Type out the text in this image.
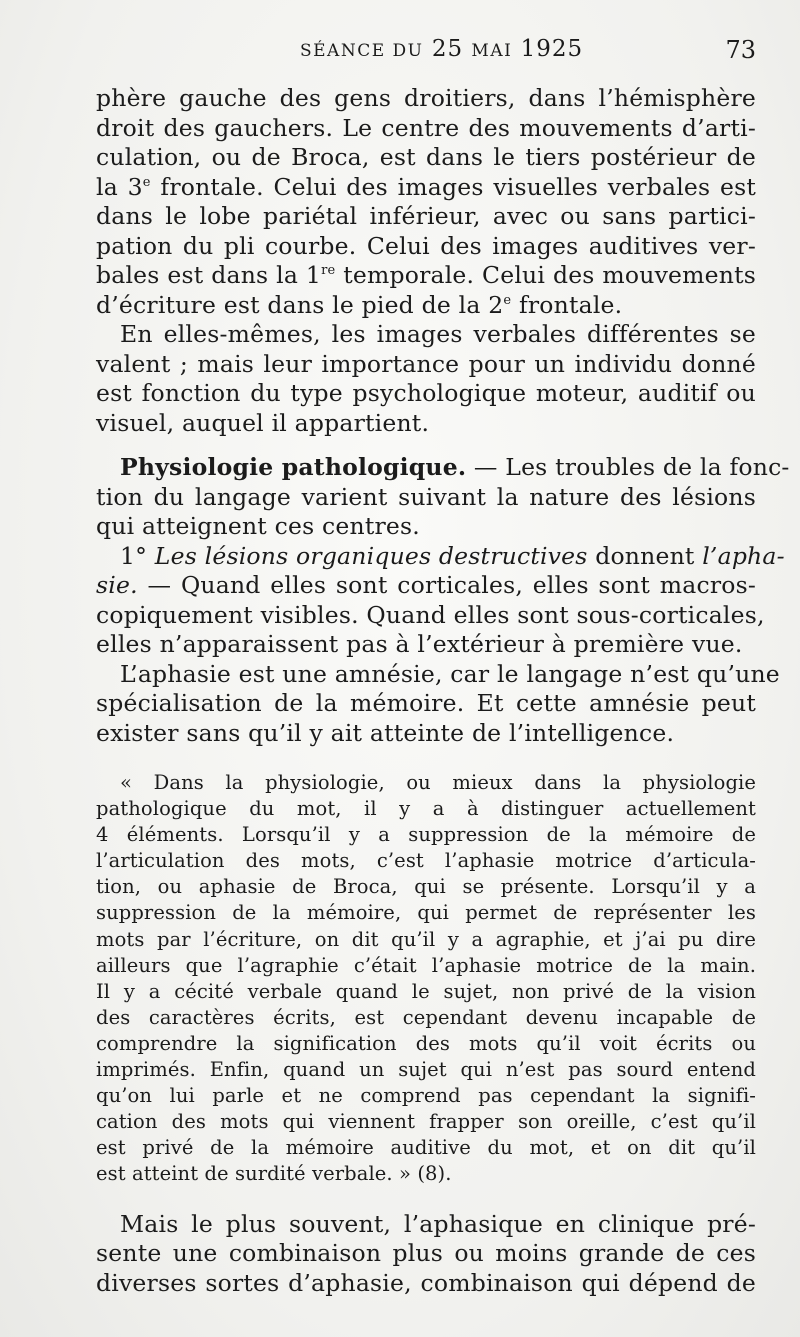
SÉANCE DU 25 MAI 1925	73
phère gauche des gens droitiers, dans l’hémisphère
droit des gauchers. Le centre des mouvements d’arti-
culation, ou de Broca, est dans le tiers postérieur de
la 3e frontale. Celui des images visuelles verbales est
dans le lobe pariétal inférieur, avec ou sans partici-
pation du pli courbe. Celui des images auditives ver-
bales est dans la 1re temporale. Celui des mouvements
d’écriture est dans le pied de la 2e frontale.
En elles-mêmes, les images verbales différentes se
valent ; mais leur importance pour un individu donné
est fonction du type psychologique moteur, auditif ou
visuel, auquel il appartient.
Physiologie pathologique. — Les troubles de la fonc-
tion du langage varient suivant la nature des lésions
qui atteignent ces centres.
1° Les lésions organiques destructives donnent l’apha-
sie. — Quand elles sont corticales, elles sont macros-
copiquement visibles. Quand elles sont sous-corticales,
elles n’apparaissent pas à l’extérieur à première vue.
L’aphasie est une amnésie, car le langage n’est qu’une
spécialisation de la mémoire. Et cette amnésie peut
exister sans qu’il y ait atteinte de l’intelligence.
« Dans la physiologie, ou mieux dans la physiologie
pathologique du mot, il y a à distinguer actuellement
4 éléments. Lorsqu’il y a suppression de la mémoire de
l’articulation des mots, c’est l’aphasie motrice d’articula-
tion, ou aphasie de Broca, qui se présente. Lorsqu’il y a
suppression de la mémoire, qui permet de représenter les
mots par l’écriture, on dit qu’il y a agraphie, et j’ai pu dire
ailleurs que l’agraphie c’était l’aphasie motrice de la main.
Il y a cécité verbale quand le sujet, non privé de la vision
des caractères écrits, est cependant devenu incapable de
comprendre la signification des mots qu’il voit écrits ou
imprimés. Enfin, quand un sujet qui n’est pas sourd entend
qu’on lui parle et ne comprend pas cependant la signifi-
cation des mots qui viennent frapper son oreille, c’est qu’il
est privé de la mémoire auditive du mot, et on dit qu’il
est atteint de surdité verbale. » (8).
Mais le plus souvent, l’aphasique en clinique pré-
sente une combinaison plus ou moins grande de ces
diverses sortes d’aphasie, combinaison qui dépend de
